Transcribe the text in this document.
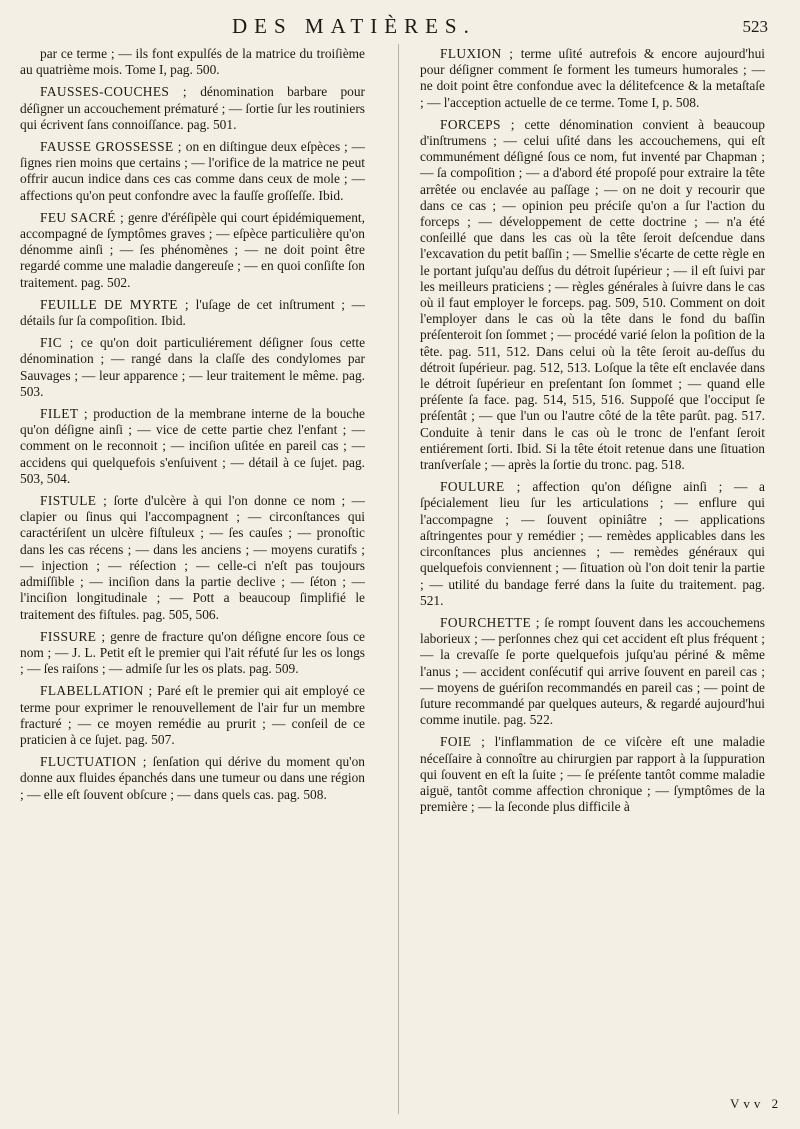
DES MATIÈRES.	523

par ce terme ; — ils font expulſés de la matrice du troiſième au quatrième mois. Tome I, pag. 500.

FAUSSES-COUCHES ; dénomination barbare pour déſigner un accouchement prématuré ; — ſortie ſur les routiniers qui écrivent ſans connoiſſance. pag. 501.

FAUSSE GROSSESSE ; on en diſtingue deux eſpèces ; — ſignes rien moins que certains ; — l'orifice de la matrice ne peut offrir aucun indice dans ces cas comme dans ceux de mole ; — affections qu'on peut confondre avec la fauſſe groſſeſſe. Ibid.

FEU SACRÉ ; genre d'éréſipèle qui court épidémiquement, accompagné de ſymptômes graves ; — eſpèce particulière qu'on dénomme ainſi ; — ſes phénomènes ; — ne doit point être regardé comme une maladie dangereuſe ; — en quoi conſiſte ſon traitement. pag. 502.

FEUILLE DE MYRTE ; l'uſage de cet inſtrument ; — détails ſur ſa compoſition. Ibid.

FIC ; ce qu'on doit particuliérement déſigner ſous cette dénomination ; — rangé dans la claſſe des condylomes par Sauvages ; — leur apparence ; — leur traitement le même. pag. 503.

FILET ; production de la membrane interne de la bouche qu'on déſigne ainſi ; — vice de cette partie chez l'enfant ; — comment on le reconnoit ; — inciſion uſitée en pareil cas ; — accidens qui quelquefois s'enſuivent ; — détail à ce ſujet. pag. 503, 504.

FISTULE ; ſorte d'ulcère à qui l'on donne ce nom ; — clapier ou ſinus qui l'accompagnent ; — circonſtances qui caractériſent un ulcère fiſtuleux ; — ſes cauſes ; — pronoſtic dans les cas récens ; — dans les anciens ; — moyens curatifs ; — injection ; — réſection ; — celle-ci n'eſt pas toujours admiſſible ; — inciſion dans la partie declive ; — ſéton ; — l'inciſion longitudinale ; — Pott a beaucoup ſimplifié le traitement des fiſtules. pag. 505, 506.

FISSURE ; genre de fracture qu'on déſigne encore ſous ce nom ; — J. L. Petit eſt le premier qui l'ait réfuté ſur les os longs ; — ſes raiſons ; — admiſe ſur les os plats. pag. 509.

FLABELLATION ; Paré eſt le premier qui ait employé ce terme pour exprimer le renouvellement de l'air fur un membre fracturé ; — ce moyen remédie au prurit ; — conſeil de ce praticien à ce ſujet. pag. 507.

FLUCTUATION ; ſenſation qui dérive du moment qu'on donne aux fluides épanchés dans une tumeur ou dans une région ; — elle eſt ſouvent obſcure ; — dans quels cas. pag. 508.

FLUXION ; terme uſité autrefois & encore aujourd'hui pour déſigner comment ſe forment les tumeurs humorales ; — ne doit point être confondue avec la délitefcence & la metaſtaſe ; — l'acception actuelle de ce terme. Tome I, p. 508.

FORCEPS ; cette dénomination convient à beaucoup d'inſtrumens ; — celui uſité dans les accouchemens, qui eſt communément déſigné ſous ce nom, fut inventé par Chapman ; — ſa compoſition ; — a d'abord été propoſé pour extraire la tête arrêtée ou enclavée au paſſage ; — on ne doit y recourir que dans ce cas ; — opinion peu préciſe qu'on a ſur l'action du forceps ; — développement de cette doctrine ; — n'a été conſeillé que dans les cas où la tête ſeroit deſcendue dans l'excavation du petit baſſin ; — Smellie s'écarte de cette règle en le portant juſqu'au deſſus du détroit ſupérieur ; — il eſt ſuivi par les meilleurs praticiens ; — règles générales à ſuivre dans le cas où il faut employer le forceps. pag. 509, 510. Comment on doit l'employer dans le cas où la tête dans le fond du baſſin préſenteroit ſon ſommet ; — procédé varié ſelon la poſition de la tête. pag. 511, 512. Dans celui où la tête ſeroit au-deſſus du détroit ſupérieur. pag. 512, 513. Loſque la tête eſt enclavée dans le détroit ſupérieur en preſentant ſon ſommet ; — quand elle préſente ſa face. pag. 514, 515, 516. Suppoſé que l'occiput ſe préſentât ; — que l'un ou l'autre côté de la tête parût. pag. 517. Conduite à tenir dans le cas où le tronc de l'enfant ſeroit entiérement ſorti. Ibid. Si la tête étoit retenue dans une ſituation tranſverſale ; — après la ſortie du tronc. pag. 518.

FOULURE ; affection qu'on déſigne ainſi ; — a ſpécialement lieu ſur les articulations ; — enflure qui l'accompagne ; — ſouvent opiniâtre ; — applications aſtringentes pour y remédier ; — remèdes applicables dans les circonſtances plus anciennes ; — remèdes généraux qui quelquefois conviennent ; — ſituation où l'on doit tenir la partie ; — utilité du bandage ferré dans la ſuite du traitement. pag. 521.

FOURCHETTE ; ſe rompt ſouvent dans les accouchemens laborieux ; — perſonnes chez qui cet accident eſt plus fréquent ; — la crevaſſe ſe porte quelquefois juſqu'au périné & même l'anus ; — accident conſécutif qui arrive ſouvent en pareil cas ; — moyens de guériſon recommandés en pareil cas ; — point de ſuture recommandé par quelques auteurs, & regardé aujourd'hui comme inutile. pag. 522.

FOIE ; l'inflammation de ce viſcère eſt une maladie néceſſaire à connoître au chirurgien par rapport à la ſuppuration qui ſouvent en eſt la ſuite ; — ſe préſente tantôt comme maladie aiguë, tantôt comme affection chronique ; — ſymptômes de la première ; — la ſeconde plus difficile à

Vvv 2
